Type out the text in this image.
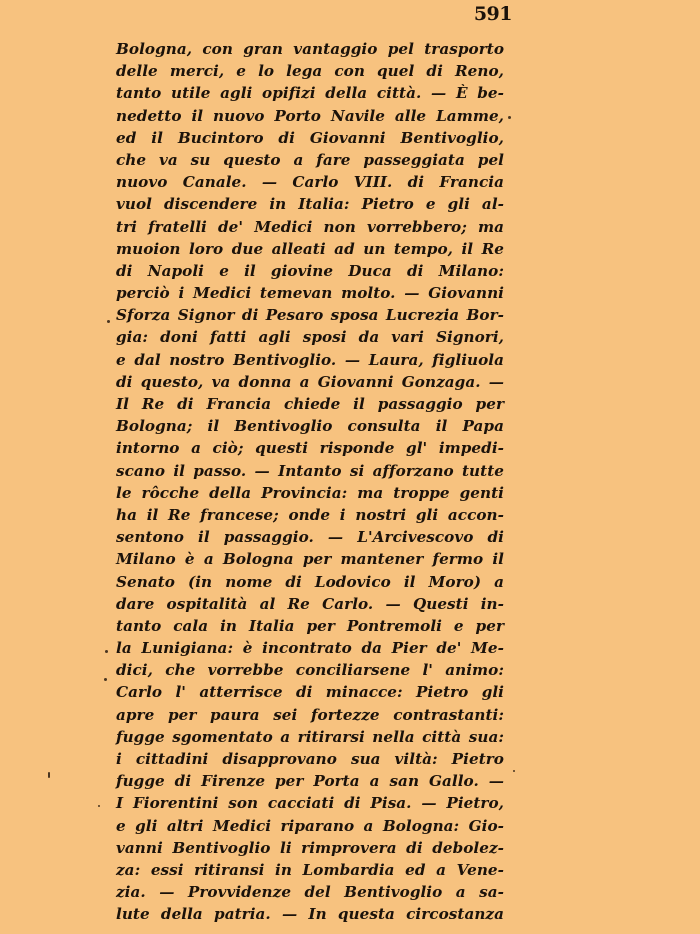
591
Bologna, con gran vantaggio pel trasporto
delle merci, e lo lega con quel di Reno,
tanto utile agli opifizi della città. — È be-
nedetto il nuovo Porto Navile alle Lamme,
ed il Bucintoro di Giovanni Bentivoglio,
che va su questo a fare passeggiata pel
nuovo Canale. — Carlo VIII. di Francia
vuol discendere in Italia: Pietro e gli al-
tri fratelli de' Medici non vorrebbero; ma
muoion loro due alleati ad un tempo, il Re
di Napoli e il giovine Duca di Milano:
perciò i Medici temevan molto. — Giovanni
Sforza Signor di Pesaro sposa Lucrezia Bor-
gia: doni fatti agli sposi da vari Signori,
e dal nostro Bentivoglio. — Laura, figliuola
di questo, va donna a Giovanni Gonzaga. —
Il Re di Francia chiede il passaggio per
Bologna; il Bentivoglio consulta il Papa
intorno a ciò; questi risponde gl' impedi-
scano il passo. — Intanto si afforzano tutte
le rôcche della Provincia: ma troppe genti
ha il Re francese; onde i nostri gli accon-
sentono il passaggio. — L'Arcivescovo di
Milano è a Bologna per mantener fermo il
Senato (in nome di Lodovico il Moro) a
dare ospitalità al Re Carlo. — Questi in-
tanto cala in Italia per Pontremoli e per
la Lunigiana: è incontrato da Pier de' Me-
dici, che vorrebbe conciliarsene l' animo:
Carlo l' atterrisce di minacce: Pietro gli
apre per paura sei fortezze contrastanti:
fugge sgomentato a ritirarsi nella città sua:
i cittadini disapprovano sua viltà: Pietro
fugge di Firenze per Porta a san Gallo. —
I Fiorentini son cacciati di Pisa. — Pietro,
e gli altri Medici riparano a Bologna: Gio-
vanni Bentivoglio li rimprovera di debolez-
za: essi ritiransi in Lombardia ed a Vene-
zia. — Provvidenze del Bentivoglio a sa-
lute della patria. — In questa circostanza
